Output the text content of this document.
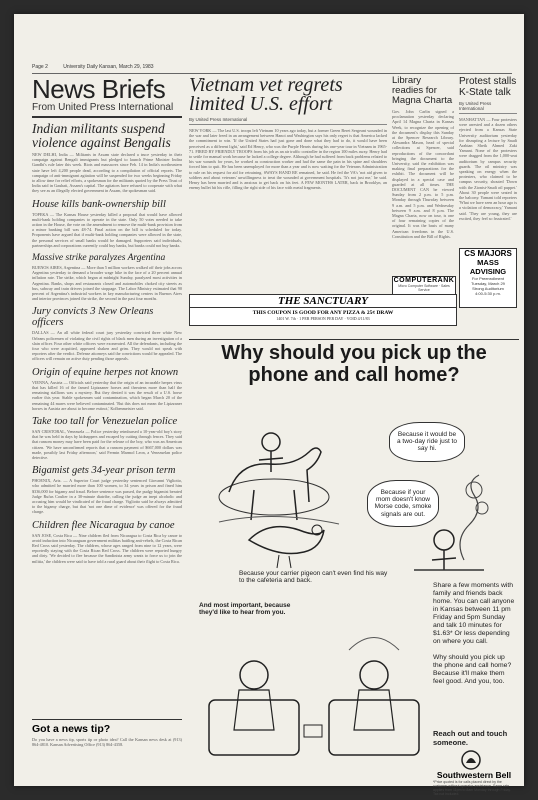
Page 2	University Daily Kansan, March 29, 1983
News Briefs
From United Press International
Indian militants suspend violence against Bengalis
NEW DELHI, India — Militants in Assam state declared a truce yesterday in their campaign against Bengali immigrants but pledged to launch Prime Minister Indira Gandhi's rule later this week. Riots and massacres since Feb. 14 in India's northeastern state have left 4,200 people dead, according to a compilation of official reports. The campaign of anti-immigrant agitation will be suspended for two weeks beginning Friday to allow time for relief efforts, a spokesman for the militants quoted by the Press Trust of India said in Gauhati, Assam's capital. The agitators have refused to cooperate with what they see as an illegally elected government in Assam, the spokesman said.
House kills bank-ownership bill
TOPEKA — The Kansas House yesterday killed a proposal that would have allowed multi-bank holding companies to operate in the state. Only 50 votes needed to take action in the House, the vote on the amendment to remove the multi-bank provision from a minor banking bill was 48-74. Final action on the bill is scheduled for today. Proponents have argued that if multi-bank holding companies were allowed in the state, the personal services of small banks would be damaged. Supporters said individuals, partnerships and corporations currently could buy banks, but banks could not buy banks.
Massive strike paralyzes Argentina
BUENOS AIRES, Argentina — More than 5 million workers walked off their jobs across Argentina yesterday to demand a broader wage hike in the face of a 20 percent annual inflation rate. The strike, which began at midnight Sunday, paralyzed most activities in Argentina. Banks, shops and restaurants closed and automobiles choked city streets as bus, subway and train drivers joined the stoppage. The Labor Ministry estimated that 90 percent of Argentina's industrial workers in key manufacturing centers in Buenos Aires and interior provinces joined the strike, the second in the past four months.
Jury convicts 3 New Orleans officers
DALLAS — An all white federal court jury yesterday convicted three white New Orleans policemen of violating the civil rights of black men during an investigation of a slain officer. Four other white officers were exonerated. All the defendants, including the four who were acquitted, appeared shaken and grim. They would not speak with reporters after the verdict. Defense attorneys said the convictions would be appealed. The officers will remain on active duty pending those appeals.
Origin of equine herpes not known
VIENNA, Austria — Officials said yesterday that the origin of an incurable herpes virus that has killed 16 of the famed Lipizzaner horses and threatens more than half the remaining stallions was a mystery. But they denied it was the result of a U.S. horse earlier this year. Stable spokesmen said contamination, which began March 20 of the remaining 44 mares were believed contaminated. 'But this does not mean the Lipizzaner horses in Austria are about to become extinct,' Kolbenmeister said.
Take too tall for Venezuelan police
SAN CRISTOBAL, Venezuela — Police yesterday reimbursed a 10-year-old boy's story that he was held in days by kidnappers and escaped by cutting through fences. They said that ransom money may have been paid for the release of the boy, who was an American citizen. 'We have unconfirmed reports that a ransom payment of $667,000 dollars was made, possibly last Friday afternoon,' said Fermin Marmol Leon, a Venezuelan police detective.
Bigamist gets 34-year prison term
PHOENIX, Ariz. — A Superior Court judge yesterday sentenced Giovanni Vigliotto, who admitted he married more than 100 women, to 34 years in prison and fined him $336,000 for bigamy and fraud. Before sentence was passed, the pudgy bigamist berated Judge Rufus Coulter in a 30-minute diatribe, calling the judge an inept alcoholic and accusing him would be vindicated of the fraud charge. Vigliotto said he always admitted to the bigamy charge, but that 'not one dime of evidence' was offered for the fraud charge.
Children flee Nicaragua by canoe
SAN JOSE, Costa Rica — Nine children fled from Nicaragua to Costa Rica by canoe to avoid induction into Nicaraguan government militias battling anti-rebels, the Costa Rican Red Cross said yesterday. The children, whose ages ranged from nine to 12 years, were reportedly staying with the Costa Rican Red Cross. The children were reported hungry and dirty. 'We decided to flee because the Sandinista army wants to force us to join the militia,' the children were said to have told a rural guard about their flight to Costa Rica.
Got a news tip?
Do you have a news tip, sports tip or photo idea? Call the Kansan news desk at (913) 864-4810. Kansan Advertising Office (913) 864-4358.
Vietnam vet regrets limited U.S. effort
By United Press International
NEW YORK — The last U.S. troops left Vietnam 10 years ago today, but a former Green Beret Sergeant wounded in the war and later freed in an arrangement between Hanoi and Washington says his only regret is that America lacked the commitment to win. 'If the United States had just gone and done what they had to do, it would have been perceived as a different light,' said Ed Henry, who was the Purple Hearts during his one-year tour in Vietnam in 1965-71. FIRED BY FRIENDLY TROOPS from his job as an air traffic controller in the region 100 miles away. Henry had to settle for manual work because he lacked a college degree. Although he had suffered from back problems related to his war wounds for years, he worked as construction worker and had the same the pain in his spine and shoulders forced him to quit. He has been unemployed for more than a year and is now waiting for the Veterans Administration to rule on his request for aid for retraining. SWAYS HAND RE remained, he said. He fed the VA's 'not aid given to soldiers and about veterans' unwillingness to treat the wounded at government hospitals. 'It's not just me,' he said. Henry has been married and is anxious to get back on his feet. A FEW MONTHS LATER, back in Brooklyn, an enemy bullet hit his rifle, filling the right side of his face with metal fragments.
Library readies for Magna Charta
Gov. John Carlin signed a proclamation yesterday declaring April 14 Magna Charta in Kansas Week, to recognize the opening of the document's display this Sunday at the Spencer Research Library. Alexandra Mason, head of special collections at Spencer, said reproductions of the concordant bringing the document to the University, said the exhibition was making final preparations for the exhibit. The document will be displayed in a special case and guarded at all times. THE DOCUMENT CAN be viewed Sunday from 2 p.m. to 5 p.m. Monday through Thursday between 9 a.m. and 5 p.m. and Wednesday between 9 a.m. and 8 p.m. The Magna Charta, now on tour, is one of four remaining copies of the original. It was the basis of many American freedoms in the U.S. Constitution and the Bill of Rights.
COMPUTERANK
Micro Computer Software · Sales Service
Protest stalls K-State talk
By United Press International
MANHATTAN — Four protesters were arrested and a dozen others ejected from a Kansas State University auditorium yesterday for disrupting a lecture by Saudi Arabian Sheik Ahmed Zaki Yamani. None of the protesters were dragged from the 1,000-seat auditorium by campus security guards. The oil ministry was speaking on energy when the protesters, who claimed to be campus security, shouted 'Down with the Zionist-Saudi oil puppet.' About 30 people were seated in the balcony. Yamani told reporters 'What we have seen an hour ago is a violation of democracy,' Yamani said. 'They are young, they are excited, they feel so frustrated.'
CS MAJORS
MASS ADVISING
For Preenrollment
Tuesday, March 29
Strong Auditorium
4:00-5:30 p.m.
THE SANCTUARY
THIS COUPON IS GOOD FOR ANY PIZZA & 25¢ DRAW
1401 W. 7th · 1 PER PERSON PER DAY · VOID 4/11/83
Why should you pick up the phone and call home?
Because it would be a two-day ride just to say hi.
Because if your mom doesn't know Morse code, smoke signals are out.
Because your carrier pigeon can't even find his way to the cafeteria and back.
And most important, because they'd like to hear from you.
Share a few moments with family and friends back home. You can call anyone in Kansas between 11 pm Friday and 5pm Sunday and talk 10 minutes for $1.63* Or less depending on where you call.

Why should you pick up the phone and call home? Because it'll make them feel good. And you, too.
Reach out and touch someone.
Southwestern Bell
*Price quoted is for calls placed direct by the customer without operator assistance. Same rate applies from 11pm to 8am Monday through Friday. Tax not included.
